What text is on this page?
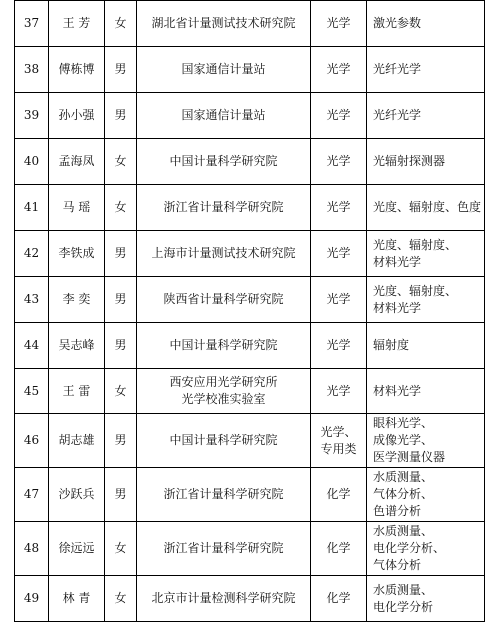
37	王 芳	女	湖北省计量测试技术研究院	光学	激光参数
38	傅栋博	男	国家通信计量站	光学	光纤光学
39	孙小强	男	国家通信计量站	光学	光纤光学
40	孟海凤	女	中国计量科学研究院	光学	光辐射探测器
41	马 瑶	女	浙江省计量科学研究院	光学	光度、辐射度、色度
42	李铁成	男	上海市计量测试技术研究院	光学	光度、辐射度、
材料光学
43	李 奕	男	陕西省计量科学研究院	光学	光度、辐射度、
材料光学
44	吴志峰	男	中国计量科学研究院	光学	辐射度
45	王 雷	女	西安应用光学研究所
光学校准实验室	光学	材料光学
46	胡志雄	男	中国计量科学研究院	光学、
专用类	眼科光学、
成像光学、
医学测量仪器
47	沙跃兵	男	浙江省计量科学研究院	化学	水质测量、
气体分析、
色谱分析
48	徐远远	女	浙江省计量科学研究院	化学	水质测量、
电化学分析、
气体分析
49	林 青	女	北京市计量检测科学研究院	化学	水质测量、
电化学分析
